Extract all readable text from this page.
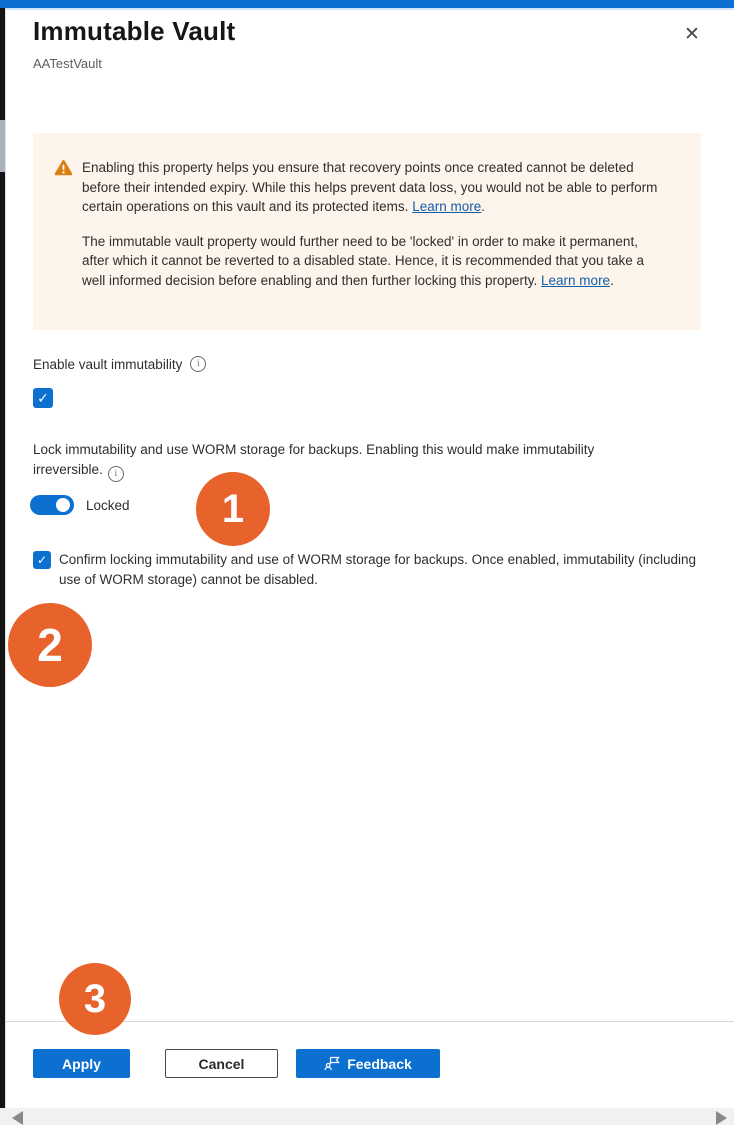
Immutable Vault
AATestVault
✕

Enabling this property helps you ensure that recovery points once created cannot be deleted before their intended expiry. While this helps prevent data loss, you would not be able to perform certain operations on this vault and its protected items. Learn more.

The immutable vault property would further need to be 'locked' in order to make it permanent, after which it cannot be reverted to a disabled state. Hence, it is recommended that you take a well informed decision before enabling and then further locking this property. Learn more.

Enable vault immutability	i
✓
Lock immutability and use WORM storage for backups. Enabling this would make immutability irreversible. i
Locked
✓ Confirm locking immutability and use of WORM storage for backups. Once enabled, immutability (including use of WORM storage) cannot be disabled.
1
2
3
Apply	Cancel	Feedback
